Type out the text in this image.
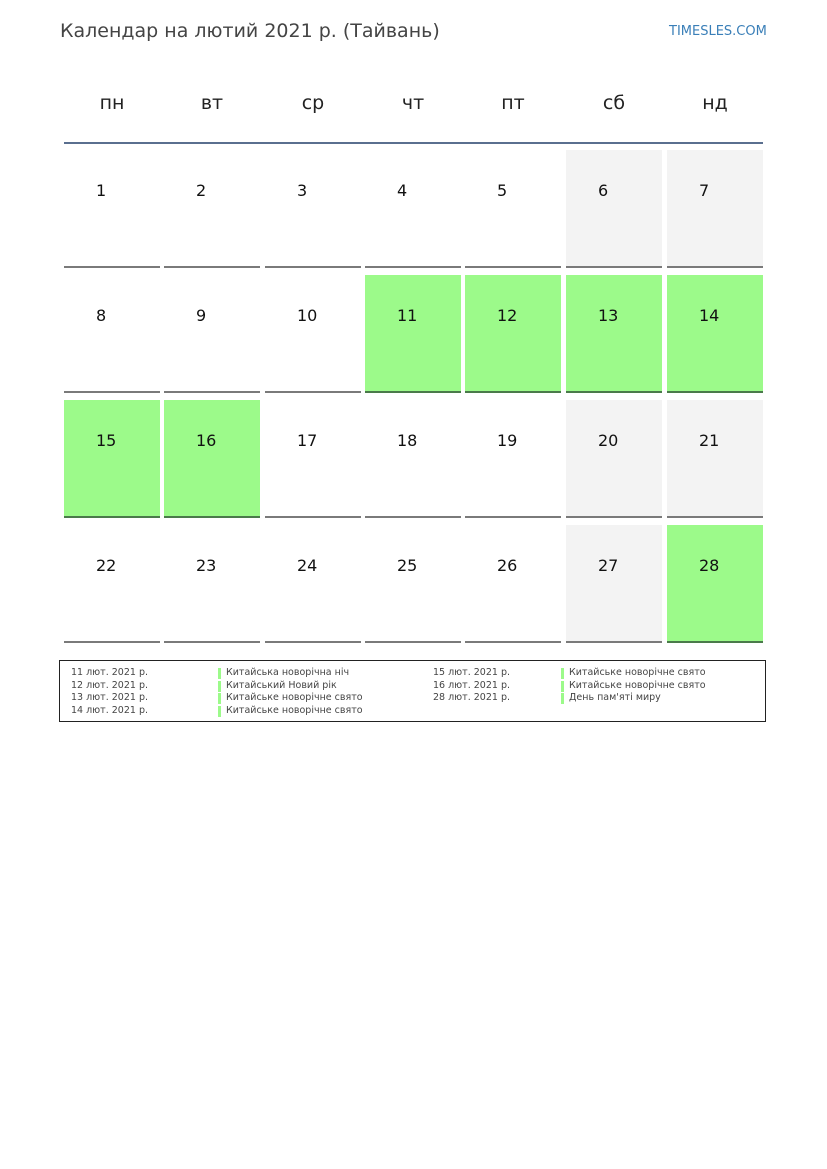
Календар на лютий 2021 р. (Тайвань)	TIMESLES.COM
пн	вт	ср	чт	пт	сб	нд
1	2	3	4	5	6	7
8	9	10	11	12	13	14
15	16	17	18	19	20	21
22	23	24	25	26	27	28
11 лют. 2021 р.	Китайська новорічна ніч
12 лют. 2021 р.	Китайський Новий рік
13 лют. 2021 р.	Китайське новорічне свято
14 лют. 2021 р.	Китайське новорічне свято
15 лют. 2021 р.	Китайське новорічне свято
16 лют. 2021 р.	Китайське новорічне свято
28 лют. 2021 р.	День пам'яті миру
